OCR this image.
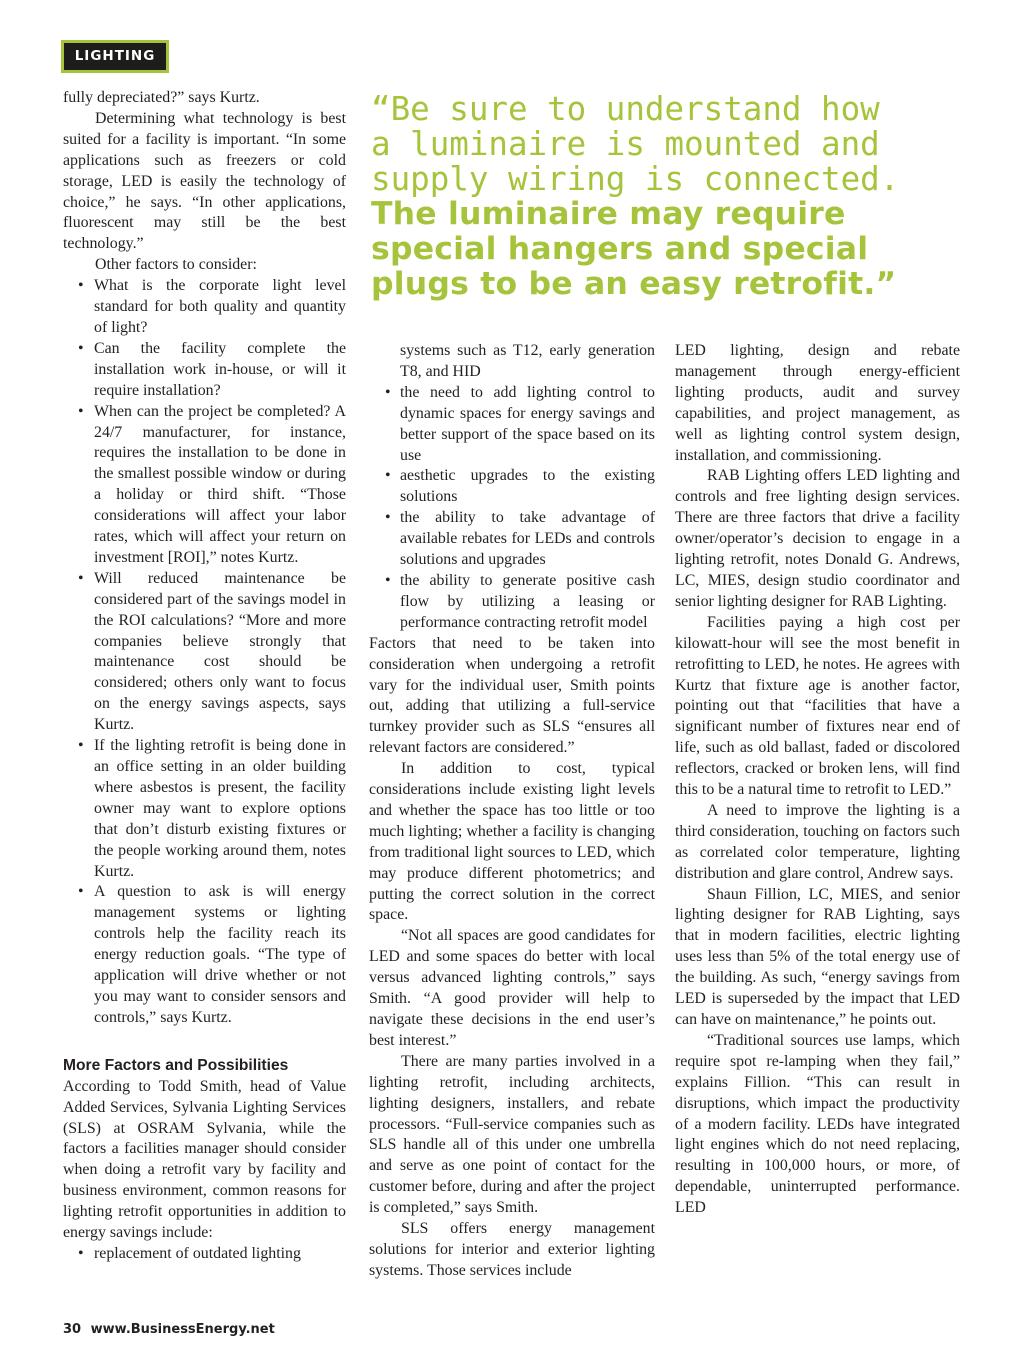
LIGHTING
“Be sure to understand how
a luminaire is mounted and
supply wiring is connected.
The luminaire may require
special hangers and special
plugs to be an easy retrofit.”

fully depreciated?” says Kurtz.

Determining what technology is best suited for a facility is important. “In some applications such as freezers or cold storage, LED is easily the technology of choice,” he says. “In other applications, fluorescent may still be the best technology.”

Other factors to consider:

• What is the corporate light level standard for both quality and quantity of light?
• Can the facility complete the installation work in-house, or will it require installation?
• When can the project be completed? A 24/7 manufacturer, for instance, requires the installation to be done in the smallest possible window or during a holiday or third shift. “Those considerations will affect your labor rates, which will affect your return on investment [ROI],” notes Kurtz.
• Will reduced maintenance be considered part of the savings model in the ROI calculations? “More and more companies believe strongly that maintenance cost should be considered; others only want to focus on the energy savings aspects, says Kurtz.
• If the lighting retrofit is being done in an office setting in an older building where asbestos is present, the facility owner may want to explore options that don’t disturb existing fixtures or the people working around them, notes Kurtz.
• A question to ask is will energy management systems or lighting controls help the facility reach its energy reduction goals. “The type of application will drive whether or not you may want to consider sensors and controls,” says Kurtz.

More Factors and Possibilities

According to Todd Smith, head of Value Added Services, Sylvania Lighting Services (SLS) at OSRAM Sylvania, while the factors a facilities manager should consider when doing a retrofit vary by facility and business environment, common reasons for lighting retrofit opportunities in addition to energy savings include:

• replacement of outdated lighting
systems such as T12, early generation T8, and HID
• the need to add lighting control to dynamic spaces for energy savings and better support of the space based on its use
• aesthetic upgrades to the existing solutions
• the ability to take advantage of available rebates for LEDs and controls solutions and upgrades
• the ability to generate positive cash flow by utilizing a leasing or performance contracting retrofit model

Factors that need to be taken into consideration when undergoing a retrofit vary for the individual user, Smith points out, adding that utilizing a full-service turnkey provider such as SLS “ensures all relevant factors are considered.”

In addition to cost, typical considerations include existing light levels and whether the space has too little or too much lighting; whether a facility is changing from traditional light sources to LED, which may produce different photometrics; and putting the correct solution in the correct space.

“Not all spaces are good candidates for LED and some spaces do better with local versus advanced lighting controls,” says Smith. “A good provider will help to navigate these decisions in the end user’s best interest.”

There are many parties involved in a lighting retrofit, including architects, lighting designers, installers, and rebate processors. “Full-service companies such as SLS handle all of this under one umbrella and serve as one point of contact for the customer before, during and after the project is completed,” says Smith.

SLS offers energy management solutions for interior and exterior lighting systems. Those services include

LED lighting, design and rebate management through energy-efficient lighting products, audit and survey capabilities, and project management, as well as lighting control system design, installation, and commissioning.

RAB Lighting offers LED lighting and controls and free lighting design services. There are three factors that drive a facility owner/operator’s decision to engage in a lighting retrofit, notes Donald G. Andrews, LC, MIES, design studio coordinator and senior lighting designer for RAB Lighting.

Facilities paying a high cost per kilowatt-hour will see the most benefit in retrofitting to LED, he notes. He agrees with Kurtz that fixture age is another factor, pointing out that “facilities that have a significant number of fixtures near end of life, such as old ballast, faded or discolored reflectors, cracked or broken lens, will find this to be a natural time to retrofit to LED.”

A need to improve the lighting is a third consideration, touching on factors such as correlated color temperature, lighting distribution and glare control, Andrew says.

Shaun Fillion, LC, MIES, and senior lighting designer for RAB Lighting, says that in modern facilities, electric lighting uses less than 5% of the total energy use of the building. As such, “energy savings from LED is superseded by the impact that LED can have on maintenance,” he points out.

“Traditional sources use lamps, which require spot re-lamping when they fail,” explains Fillion. “This can result in disruptions, which impact the productivity of a modern facility. LEDs have integrated light engines which do not need replacing, resulting in 100,000 hours, or more, of dependable, uninterrupted performance. LED

30 www.BusinessEnergy.net
